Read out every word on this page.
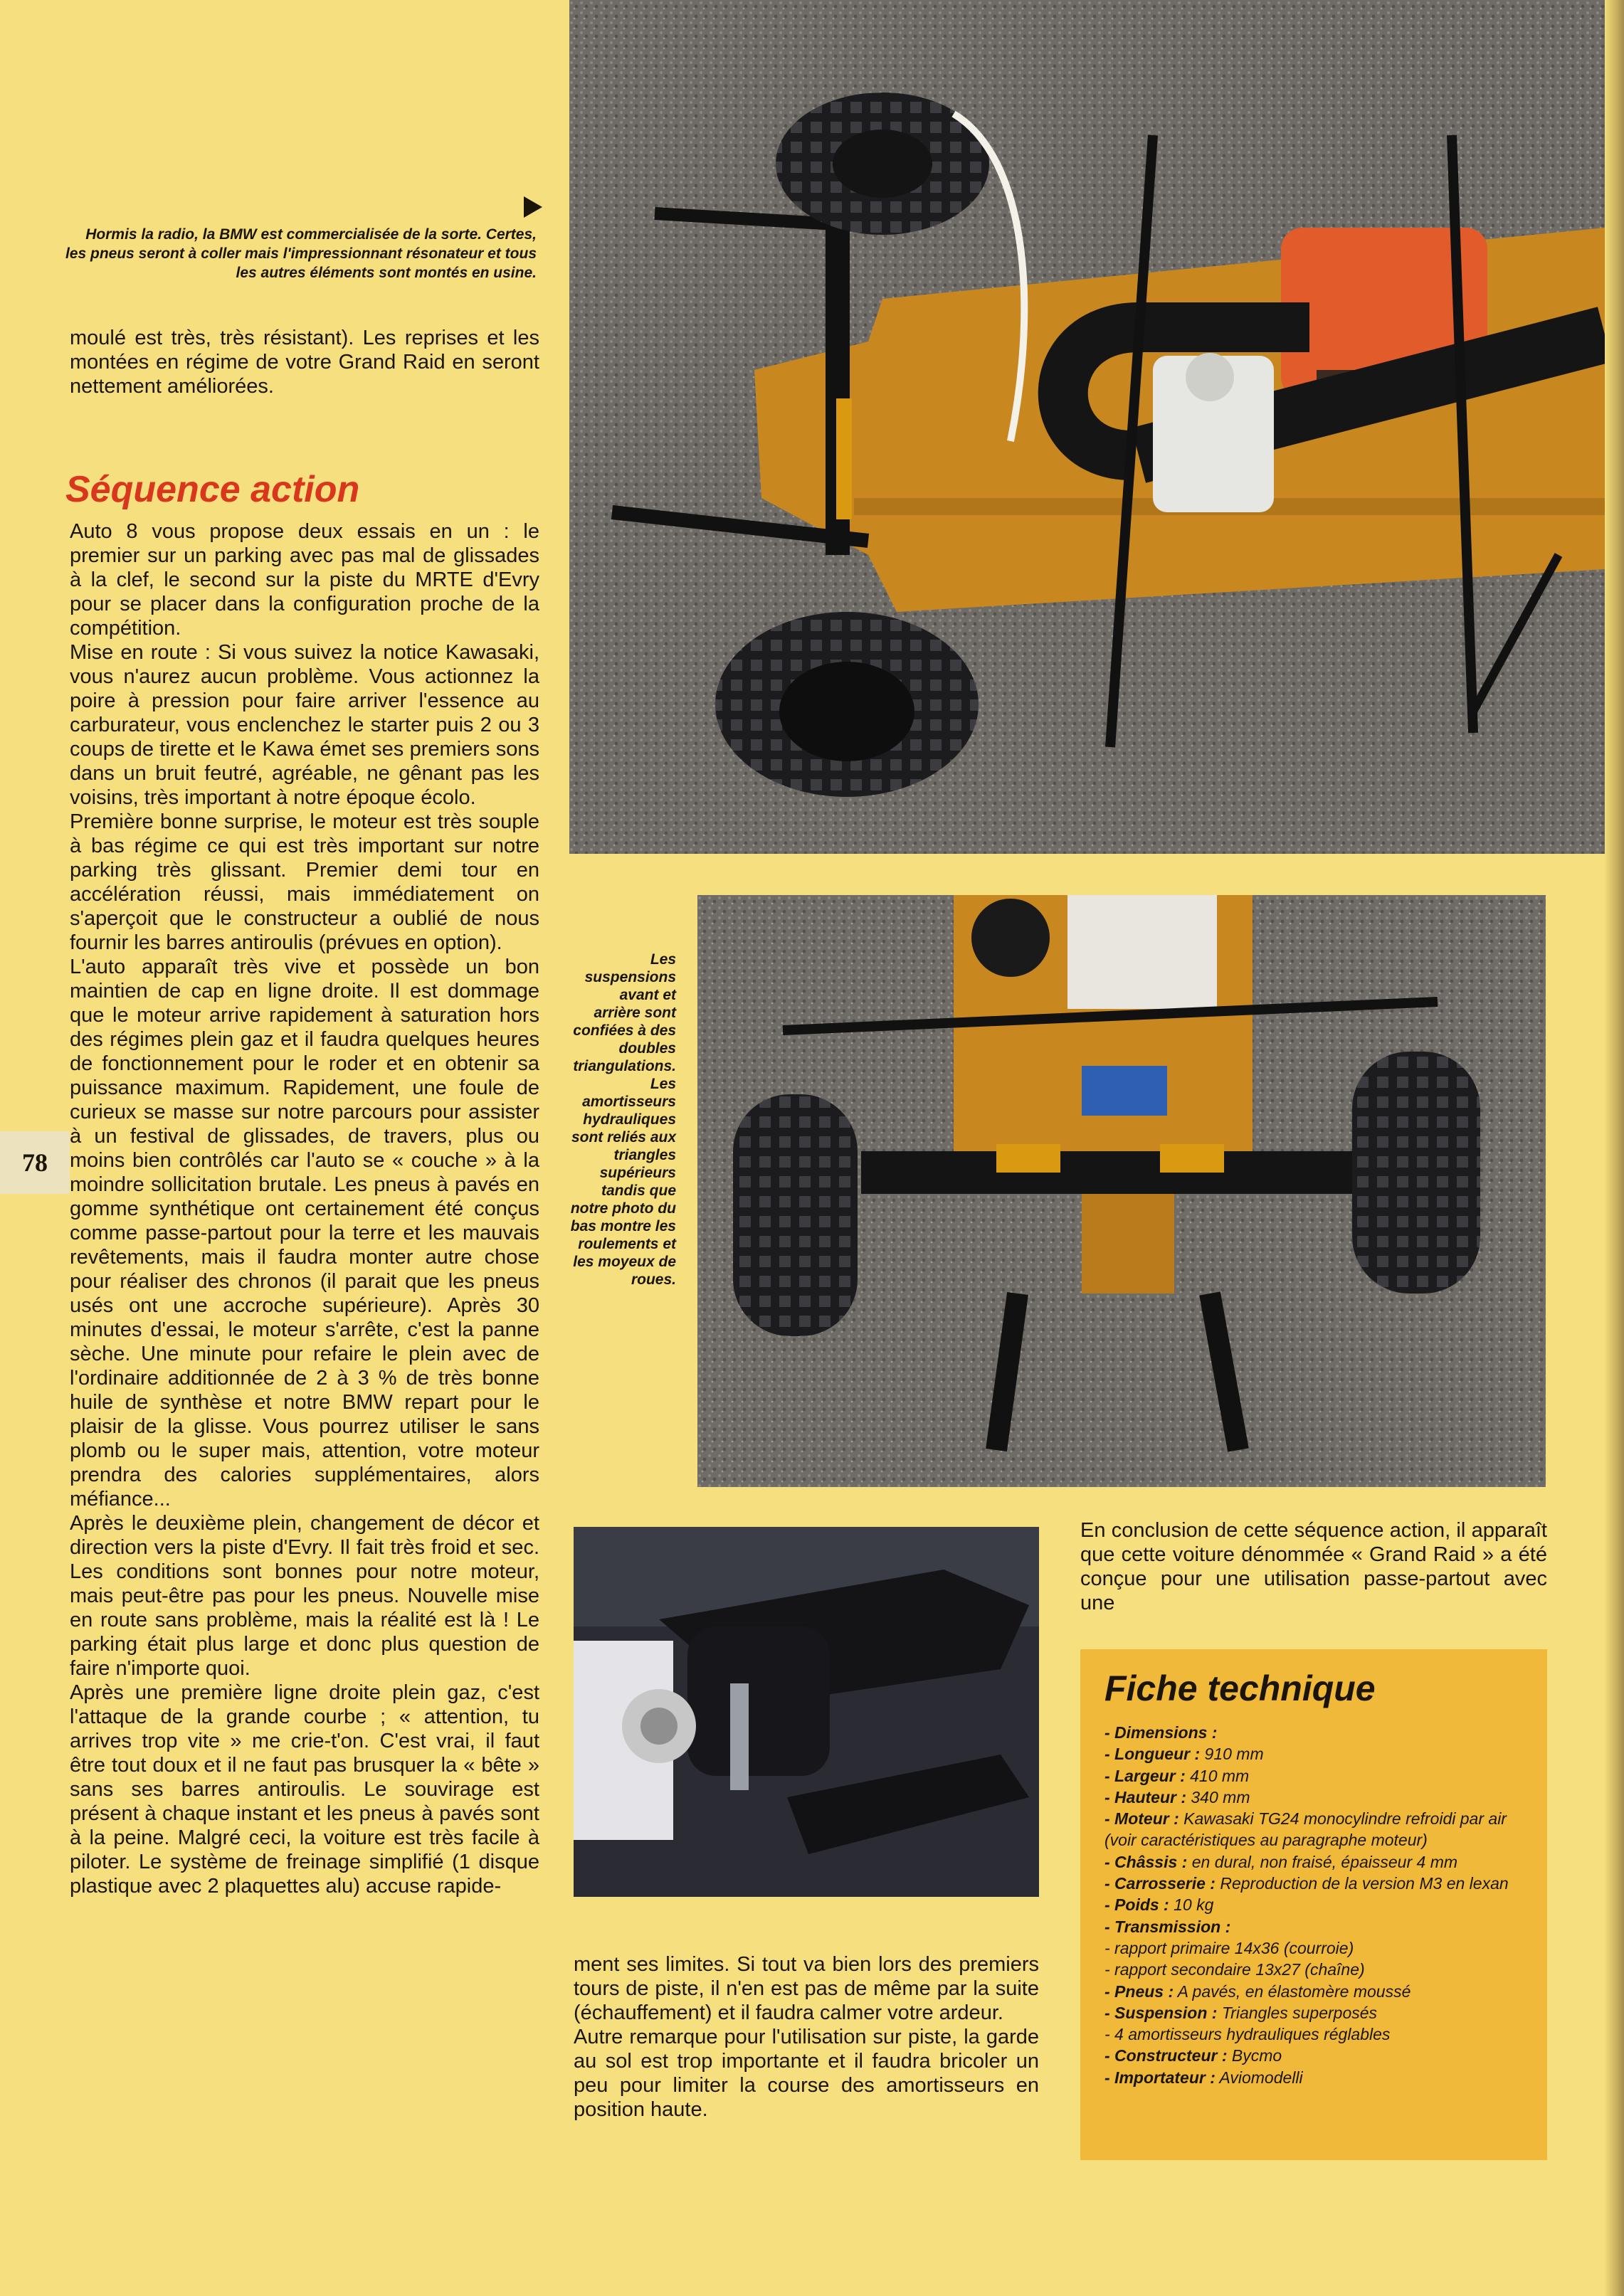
TG24
Hormis la radio, la BMW est commercialisée de la sorte. Certes, les pneus seront à coller mais l'impressionnant résonateur et tous les autres éléments sont montés en usine.

moulé est très, très résistant). Les reprises et les montées en régime de votre Grand Raid en seront nettement améliorées.

Séquence action

Auto 8 vous propose deux essais en un : le premier sur un parking avec pas mal de glissades à la clef, le second sur la piste du MRTE d'Evry pour se placer dans la configuration proche de la compétition.

Mise en route : Si vous suivez la notice Kawasaki, vous n'aurez aucun problème. Vous actionnez la poire à pression pour faire arriver l'essence au carburateur, vous enclenchez le starter puis 2 ou 3 coups de tirette et le Kawa émet ses premiers sons dans un bruit feutré, agréable, ne gênant pas les voisins, très important à notre époque écolo.

Première bonne surprise, le moteur est très souple à bas régime ce qui est très important sur notre parking très glissant. Premier demi tour en accélération réussi, mais immédiatement on s'aperçoit que le constructeur a oublié de nous fournir les barres antiroulis (prévues en option).

L'auto apparaît très vive et possède un bon maintien de cap en ligne droite. Il est dommage que le moteur arrive rapidement à saturation hors des régimes plein gaz et il faudra quelques heures de fonctionnement pour le roder et en obtenir sa puissance maximum. Rapidement, une foule de curieux se masse sur notre parcours pour assister à un festival de glissades, de travers, plus ou moins bien contrôlés car l'auto se « couche » à la moindre sollicitation brutale. Les pneus à pavés en gomme synthétique ont certainement été conçus comme passe-partout pour la terre et les mauvais revêtements, mais il faudra monter autre chose pour réaliser des chronos (il parait que les pneus usés ont une accroche supérieure). Après 30 minutes d'essai, le moteur s'arrête, c'est la panne sèche. Une minute pour refaire le plein avec de l'ordinaire additionnée de 2 à 3 % de très bonne huile de synthèse et notre BMW repart pour le plaisir de la glisse. Vous pourrez utiliser le sans plomb ou le super mais, attention, votre moteur prendra des calories supplémentaires, alors méfiance...

Après le deuxième plein, changement de décor et direction vers la piste d'Evry. Il fait très froid et sec. Les conditions sont bonnes pour notre moteur, mais peut-être pas pour les pneus. Nouvelle mise en route sans problème, mais la réalité est là ! Le parking était plus large et donc plus question de faire n'importe quoi.

Après une première ligne droite plein gaz, c'est l'attaque de la grande courbe ; « attention, tu arrives trop vite » me crie-t'on. C'est vrai, il faut être tout doux et il ne faut pas brusquer la « bête » sans ses barres antiroulis. Le souvirage est présent à chaque instant et les pneus à pavés sont à la peine. Malgré ceci, la voiture est très facile à piloter. Le système de freinage simplifié (1 disque plastique avec 2 plaquettes alu) accuse rapide-

78
Les suspensions avant et arrière sont confiées à des doubles triangulations. Les amortisseurs hydrauliques sont reliés aux triangles supérieurs tandis que notre photo du bas montre les roulements et les moyeux de roues.

ment ses limites. Si tout va bien lors des premiers tours de piste, il n'en est pas de même par la suite (échauffement) et il faudra calmer votre ardeur.

Autre remarque pour l'utilisation sur piste, la garde au sol est trop importante et il faudra bricoler un peu pour limiter la course des amortisseurs en position haute.

En conclusion de cette séquence action, il apparaît que cette voiture dénommée « Grand Raid » a été conçue pour une utilisation passe-partout avec une

Fiche technique
- Dimensions :
- Longueur : 910 mm
- Largeur : 410 mm
- Hauteur : 340 mm
- Moteur : Kawasaki TG24 monocylindre refroidi par air (voir caractéristiques au paragraphe moteur)
- Châssis : en dural, non fraisé, épaisseur 4 mm
- Carrosserie : Reproduction de la version M3 en lexan
- Poids : 10 kg
- Transmission :
- rapport primaire 14x36 (courroie)
- rapport secondaire 13x27 (chaîne)
- Pneus : A pavés, en élastomère moussé
- Suspension : Triangles superposés
- 4 amortisseurs hydrauliques réglables
- Constructeur : Bycmo
- Importateur : Aviomodelli
